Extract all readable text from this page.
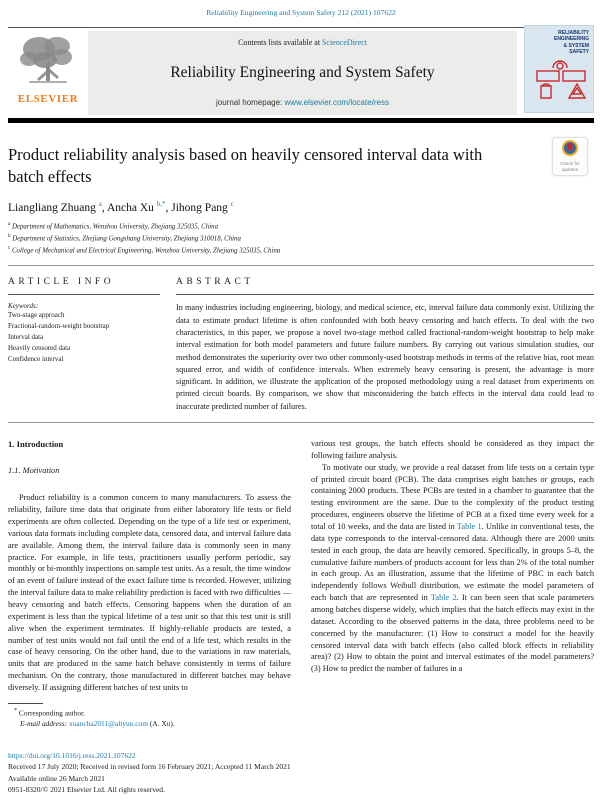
Reliability Engineering and System Safety 212 (2021) 107622
ELSEVIER
Contents lists available at ScienceDirect
Reliability Engineering and System Safety
journal homepage: www.elsevier.com/locate/ress
RELIABILITY
ENGINEERING
& SYSTEM
SAFETY
Product reliability analysis based on heavily censored interval data with batch effects
Check for updates
Liangliang Zhuang $^a$, Ancha Xu $^{b,*}$, Jihong Pang $^c$
$^a$ Department of Mathematics, Wenzhou University, Zhejiang 325035, China
$^b$ Department of Statistics, Zhejiang Gongshang University, Zhejiang 310018, China
$^c$ College of Mechanical and Electrical Engineering, Wenzhou University, Zhejiang 325035, China
ARTICLE INFO
Keywords:
Two-stage approach
Fractional-random-weight bootstrap
Interval data
Heavily censored data
Confidence interval
ABSTRACT
In many industries including engineering, biology, and medical science, etc, interval failure data commonly exist. Utilizing the data to estimate product lifetime is often confounded with both heavy censoring and batch effects. To deal with the two characteristics, in this paper, we propose a novel two-stage method called fractional-random-weight bootstrap to help make interval estimation for both model parameters and future failure numbers. By carrying out various simulation studies, our method demonstrates the superiority over two other commonly-used bootstrap methods in terms of the relative bias, root mean squared error, and width of confidence intervals. When extremely heavy censoring is present, the advantage is more significant. In addition, we illustrate the application of the proposed methodology using a real dataset from experiments on printed circuit boards. By comparison, we show that misconsidering the batch effects in the interval data could lead to inaccurate predicted number of failures.
1. Introduction
1.1. Motivation
Product reliability is a common concern to many manufacturers. To assess the reliability, failure time data that originate from either laboratory life tests or field experiments are often collected. Depending on the type of a life test or experiment, various data formats including complete data, censored data, and interval failure data are available. Among them, the interval failure data is commonly seen in many practice. For example, in life tests, practitioners usually perform periodic, say monthly or bi-monthly inspections on sample test units. As a result, the time window of an event of failure instead of the exact failure time is recorded. However, utilizing the interval failure data to make reliability prediction is faced with two difficulties — heavy censoring and batch effects. Censoring happens when the duration of an experiment is less than the typical lifetime of a test unit so that this test unit is still alive when the experiment terminates. If highly-reliable products are tested, a number of test units would not fail until the end of a life test, which results in the case of heavy censoring. On the other hand, due to the variations in raw materials, units that are produced in the same batch behave consistently in terms of failure mechanism. On the contrary, those manufactured in different batches may behave diversely. If assigning different batches of test units to
* Corresponding author.
E-mail address: xuancha2011@aliyun.com (A. Xu).
various test groups, the batch effects should be considered as they impact the following failure analysis.
To motivate our study, we provide a real dataset from life tests on a certain type of printed circuit board (PCB). The data comprises eight batches or groups, each containing 2000 products. These PCBs are tested in a chamber to guarantee that the testing environment are the same. Due to the complexity of the product testing procedures, engineers observe the lifetime of PCB at a fixed time every week for a total of 10 weeks, and the data are listed in Table 1. Unlike in conventional tests, the data type corresponds to the interval-censored data. Although there are 2000 units tested in each group, the data are heavily censored. Specifically, in groups 5–8, the cumulative failure numbers of products account for less than 2% of the total number in each group. As an illustration, assume that the lifetime of PBC in each batch independently follows Weibull distribution, we estimate the model parameters of each batch that are represented in Table 2. It can been seen that scale parameters among batches disperse widely, which implies that the batch effects may exist in the dataset. According to the observed patterns in the data, three problems need to be concerned by the manufacturer: (1) How to construct a model for the heavily censored interval data with batch effects (also called block effects in reliability area)? (2) How to obtain the point and interval estimates of the model parameters? (3) How to predict the number of failures in a
https://doi.org/10.1016/j.ress.2021.107622
Received 17 July 2020; Received in revised form 16 February 2021; Accepted 11 March 2021
Available online 26 March 2021
0951-8320/© 2021 Elsevier Ltd. All rights reserved.
